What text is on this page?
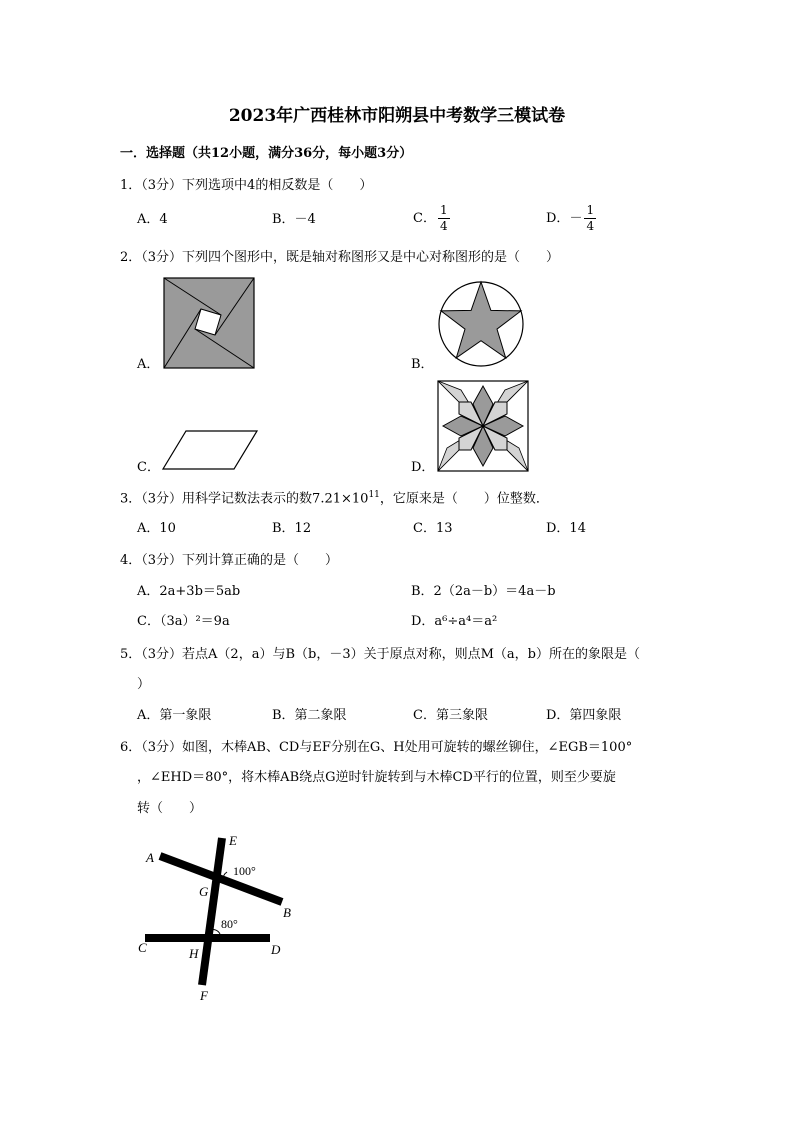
2023年广西桂林市阳朔县中考数学三模试卷
一．选择题（共12小题，满分36分，每小题3分）
1．（3分）下列选项中4的相反数是（　　）
A．4	B．－4	C． $\frac{1}{4}$	D．－ $\frac{1}{4}$
2．（3分）下列四个图形中，既是轴对称图形又是中心对称图形的是（　　）
A．	B．
C．	D．
3．（3分）用科学记数法表示的数$7.21\times 10^{11}$，它原来是（　　）位整数．
A．10	B．12	C．13	D．14
4．（3分）下列计算正确的是（　　）
A．2a+3b＝5ab	B．2（2a－b）＝4a－b
C．（3a）²＝9a	D．a⁶÷a⁴＝a²
5．（3分）若点A（2，a）与B（b，－3）关于原点对称，则点M（a，b）所在的象限是（
）
A．第一象限	B．第二象限	C．第三象限	D．第四象限
6．（3分）如图，木棒AB、CD与EF分别在G、H处用可旋转的螺丝铆住，∠EGB＝100°
，∠EHD＝80°，将木棒AB绕点G逆时针旋转到与木棒CD平行的位置，则至少要旋
转（　　）
A
B
C	D
E
F
G
H
100°
80°
